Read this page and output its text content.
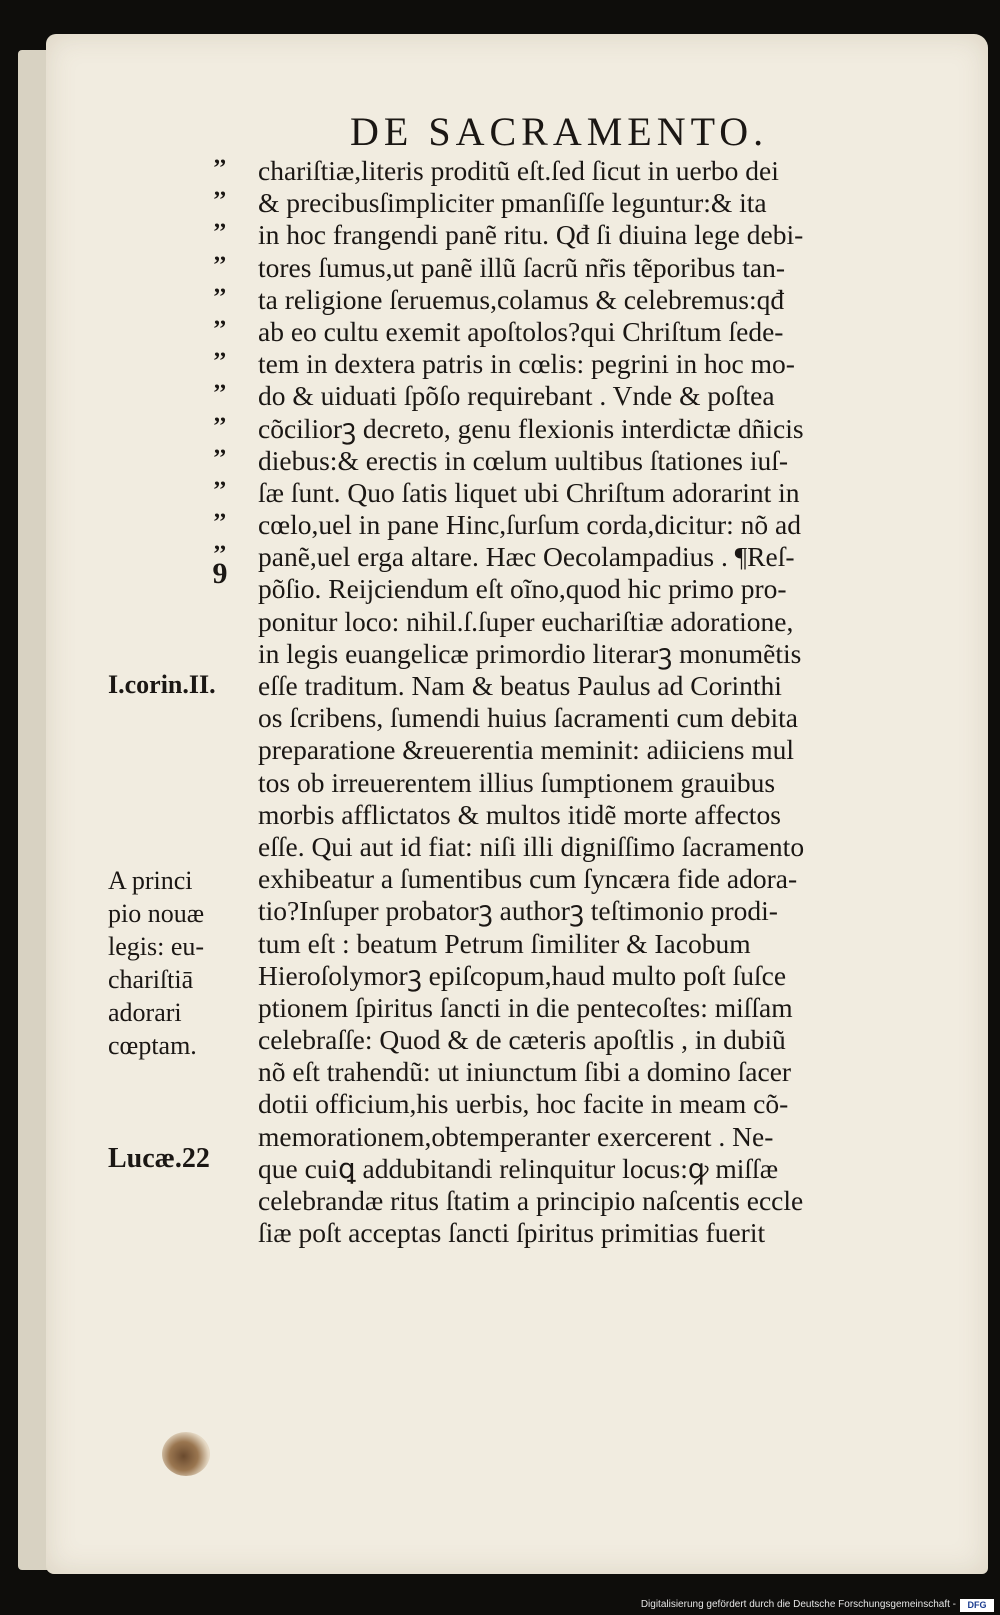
DE SACRAMENTO.
,,
,,
,,
,,
,,
,,
,,
,,
,,
,,
,,
,,
,,
9
chariſtiæ,literis proditũ eſt.ſed ſicut in uerbo dei
& precibusſimpliciter pmanſiſſe leguntur:& ita
in hoc frangendi panẽ ritu. Qđ ſi diuina lege debi-
tores ſumus,ut panẽ illũ ſacrũ nr̃is tẽporibus tan-
ta religione ſeruemus,colamus & celebremus:qđ
ab eo cultu exemit apoſtolos?qui Chriſtum ſede-
tem in dextera patris in cœlis: pegrini in hoc mo-
do & uiduati ſpõſo requirebant . Vnde & poſtea
cõciliorꝫ decreto, genu flexionis interdictæ dñicis
diebus:& erectis in cœlum uultibus ſtationes iuſ-
ſæ ſunt. Quo ſatis liquet ubi Chriſtum adorarint in
cœlo,uel in pane Hinc,ſurſum corda,dicitur: nõ ad
panẽ,uel erga altare. Hæc Oecolampadius . ¶Reſ-
põſio. Reijciendum eſt oĩno,quod hic primo pro-
ponitur loco: nihil.ſ.ſuper euchariſtiæ adoratione,
in legis euangelicæ primordio literarꝫ monumẽtis
eſſe traditum. Nam & beatus Paulus ad Corinthi
os ſcribens, ſumendi huius ſacramenti cum debita
preparatione &reuerentia meminit: adiiciens mul
tos ob irreuerentem illius ſumptionem grauibus
morbis afflictatos & multos itidẽ morte affectos
eſſe. Qui aut id fiat: niſi illi digniſſimo ſacramento
exhibeatur a ſumentibus cum ſyncæra fide adora-
tio?Inſuper probatorꝫ authorꝫ teſtimonio prodi-
tum eſt : beatum Petrum ſimiliter & Iacobum
Hieroſolymorꝫ epiſcopum,haud multo poſt ſuſce
ptionem ſpiritus ſancti in die pentecoſtes: miſſam
celebraſſe: Quod & de cæteris apoſtlis , in dubiũ
nõ eſt trahendũ: ut iniunctum ſibi a domino ſacer
dotii officium,his uerbis, hoc facite in meam cõ-
memorationem,obtemperanter exercerent . Ne-
que cuiꝗ addubitandi relinquitur locus:ꝙ miſſæ
celebrandæ ritus ſtatim a principio naſcentis eccle
ſiæ poſt acceptas ſancti ſpiritus primitias fuerit
I.corin.II.
A princi
pio nouæ
legis: eu-
chariſtiā
adorari
cœptam.
Lucæ.22
Digitalisierung gefördert durch die Deutsche Forschungsgemeinschaft -	DFG
